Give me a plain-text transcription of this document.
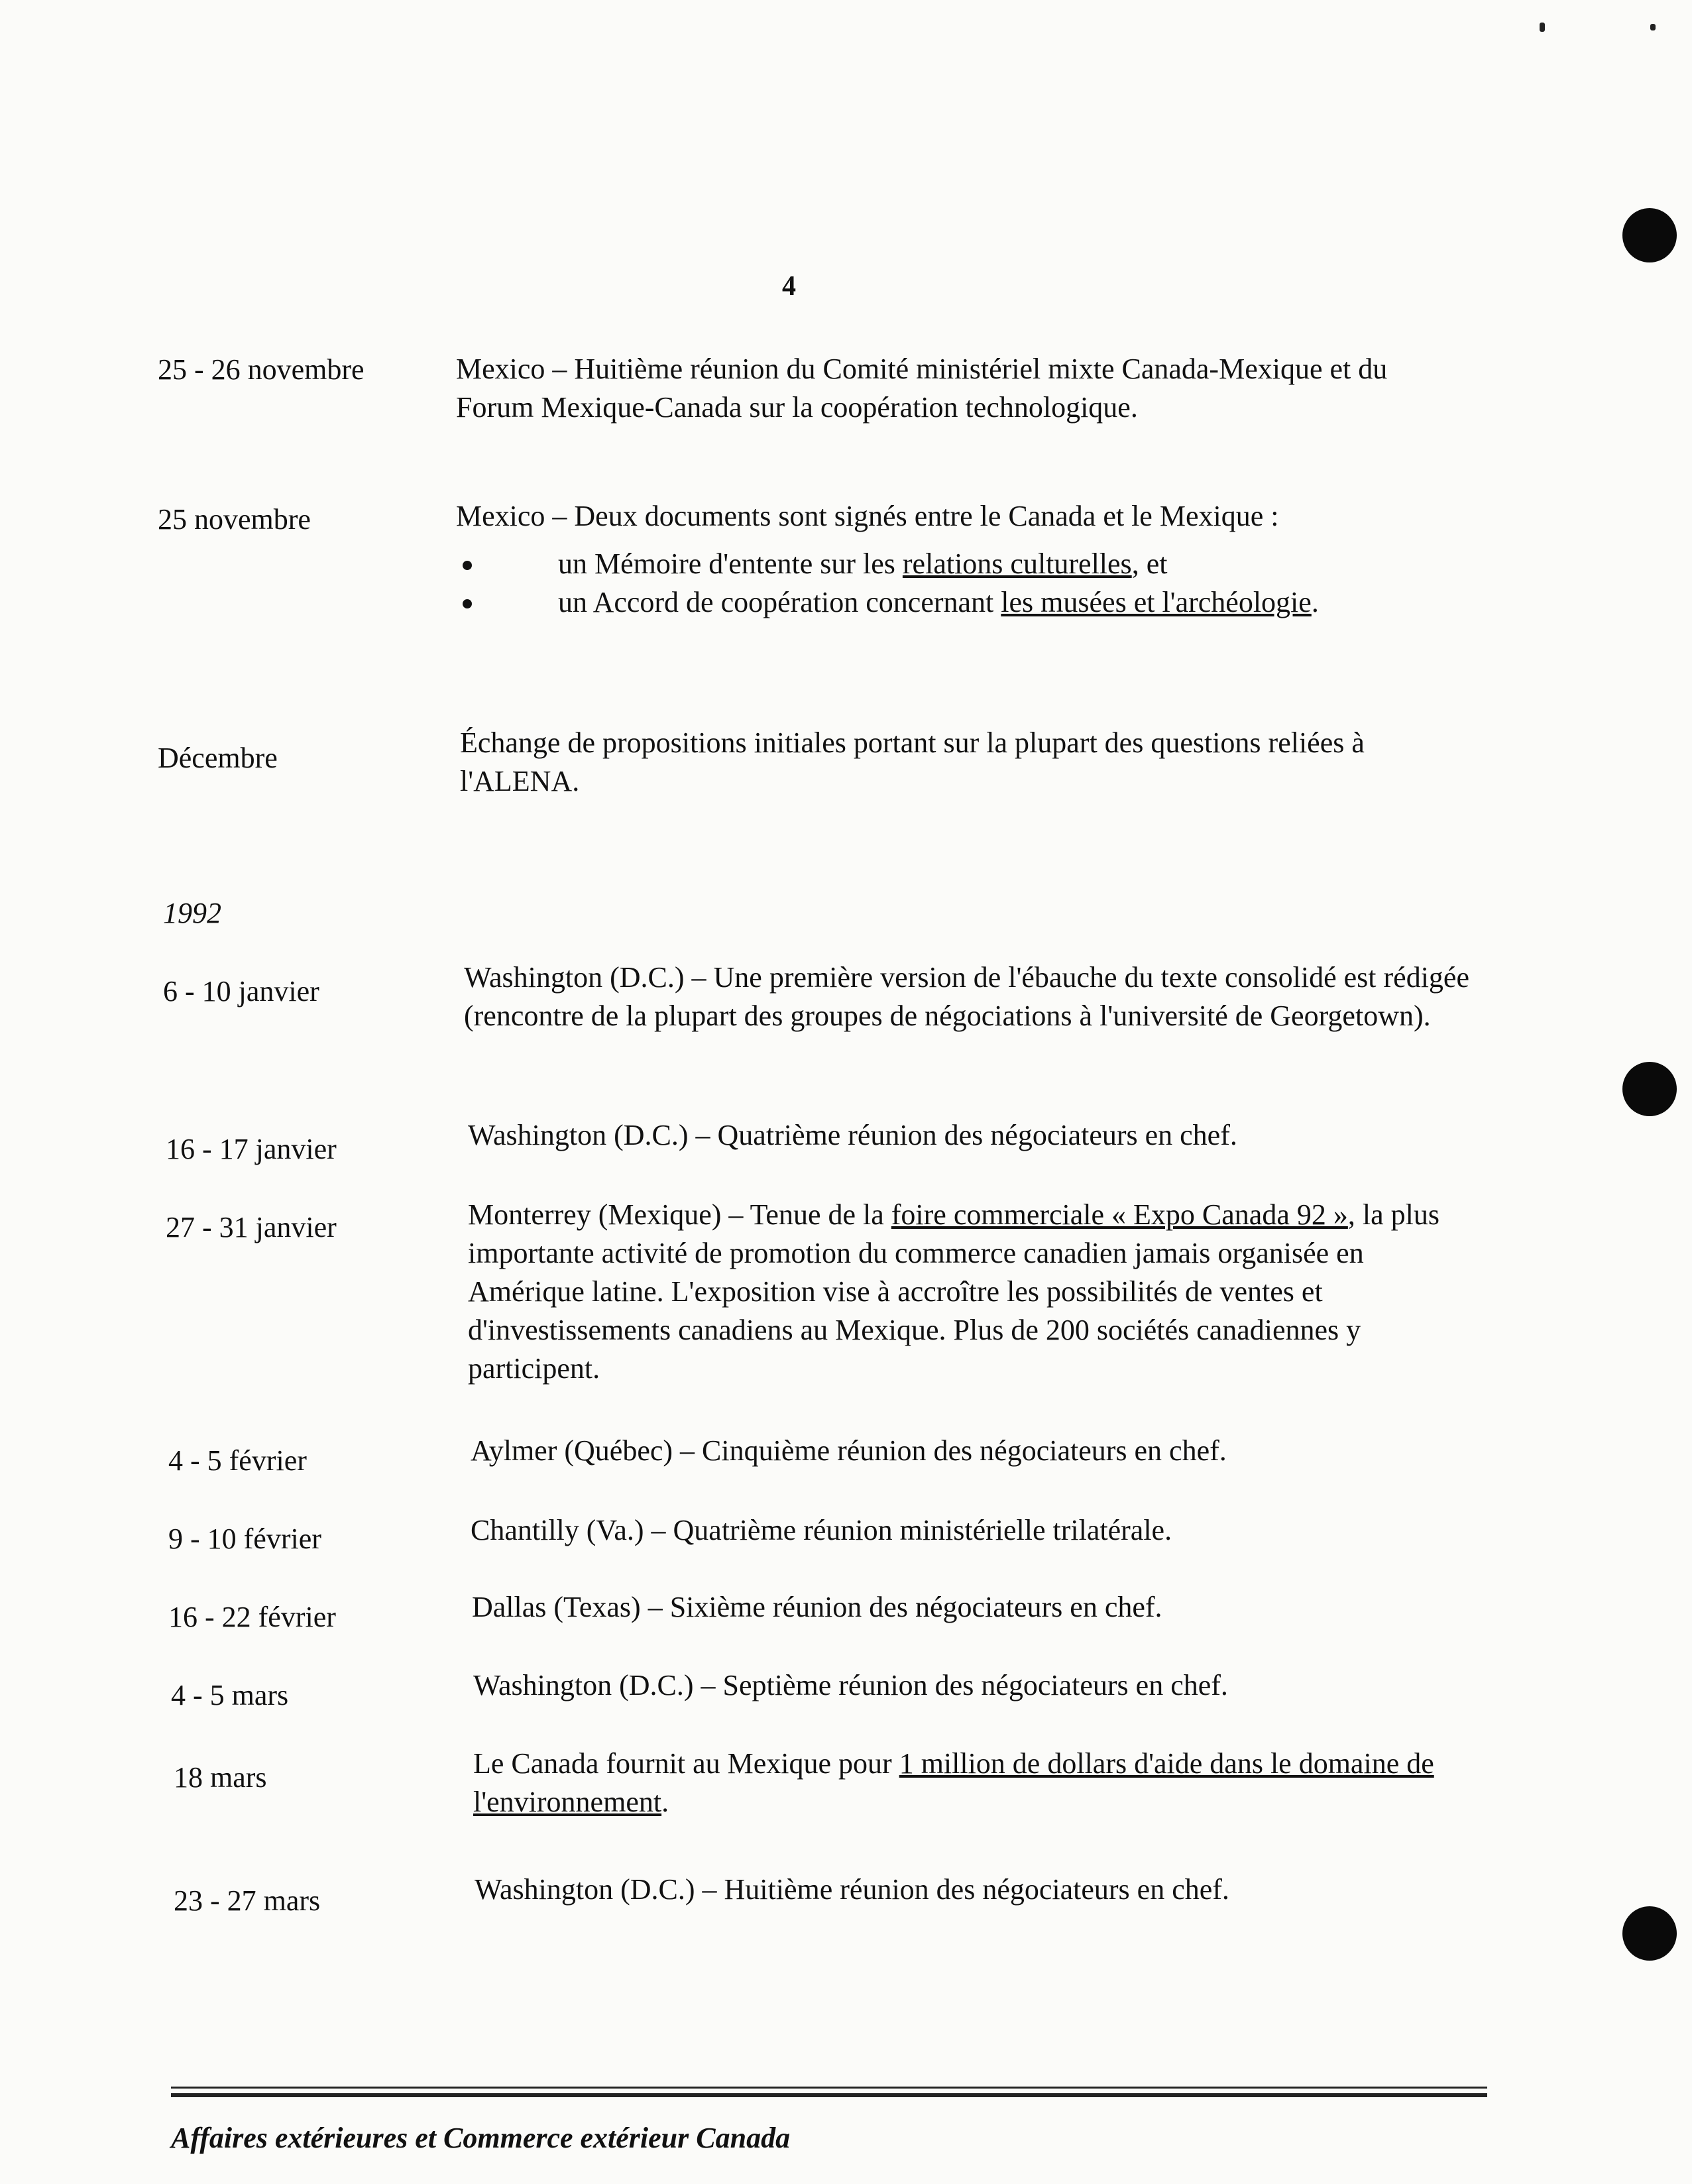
4
25 - 26 novembre	Mexico – Huitième réunion du Comité ministériel mixte Canada-Mexique et du Forum Mexique-Canada sur la coopération technologique.
25 novembre	Mexico – Deux documents sont signés entre le Canada et le Mexique :
un Mémoire d'entente sur les relations culturelles, et
un Accord de coopération concernant les musées et l'archéologie.
Décembre	Échange de propositions initiales portant sur la plupart des questions reliées à l'ALENA.
1992
6 - 10 janvier	Washington (D.C.) – Une première version de l'ébauche du texte consolidé est rédigée (rencontre de la plupart des groupes de négociations à l'université de Georgetown).
16 - 17 janvier	Washington (D.C.) – Quatrième réunion des négociateurs en chef.
27 - 31 janvier	Monterrey (Mexique) – Tenue de la foire commerciale « Expo Canada 92 », la plus importante activité de promotion du commerce canadien jamais organisée en Amérique latine. L'exposition vise à accroître les possibilités de ventes et d'investissements canadiens au Mexique. Plus de 200 sociétés canadiennes y participent.
4 - 5 février	Aylmer (Québec) – Cinquième réunion des négociateurs en chef.
9 - 10 février	Chantilly (Va.) – Quatrième réunion ministérielle trilatérale.
16 - 22 février	Dallas (Texas) – Sixième réunion des négociateurs en chef.
4 - 5 mars	Washington (D.C.) – Septième réunion des négociateurs en chef.
18 mars	Le Canada fournit au Mexique pour 1 million de dollars d'aide dans le domaine de l'environnement.
23 - 27 mars	Washington (D.C.) – Huitième réunion des négociateurs en chef.
Affaires extérieures et Commerce extérieur Canada
